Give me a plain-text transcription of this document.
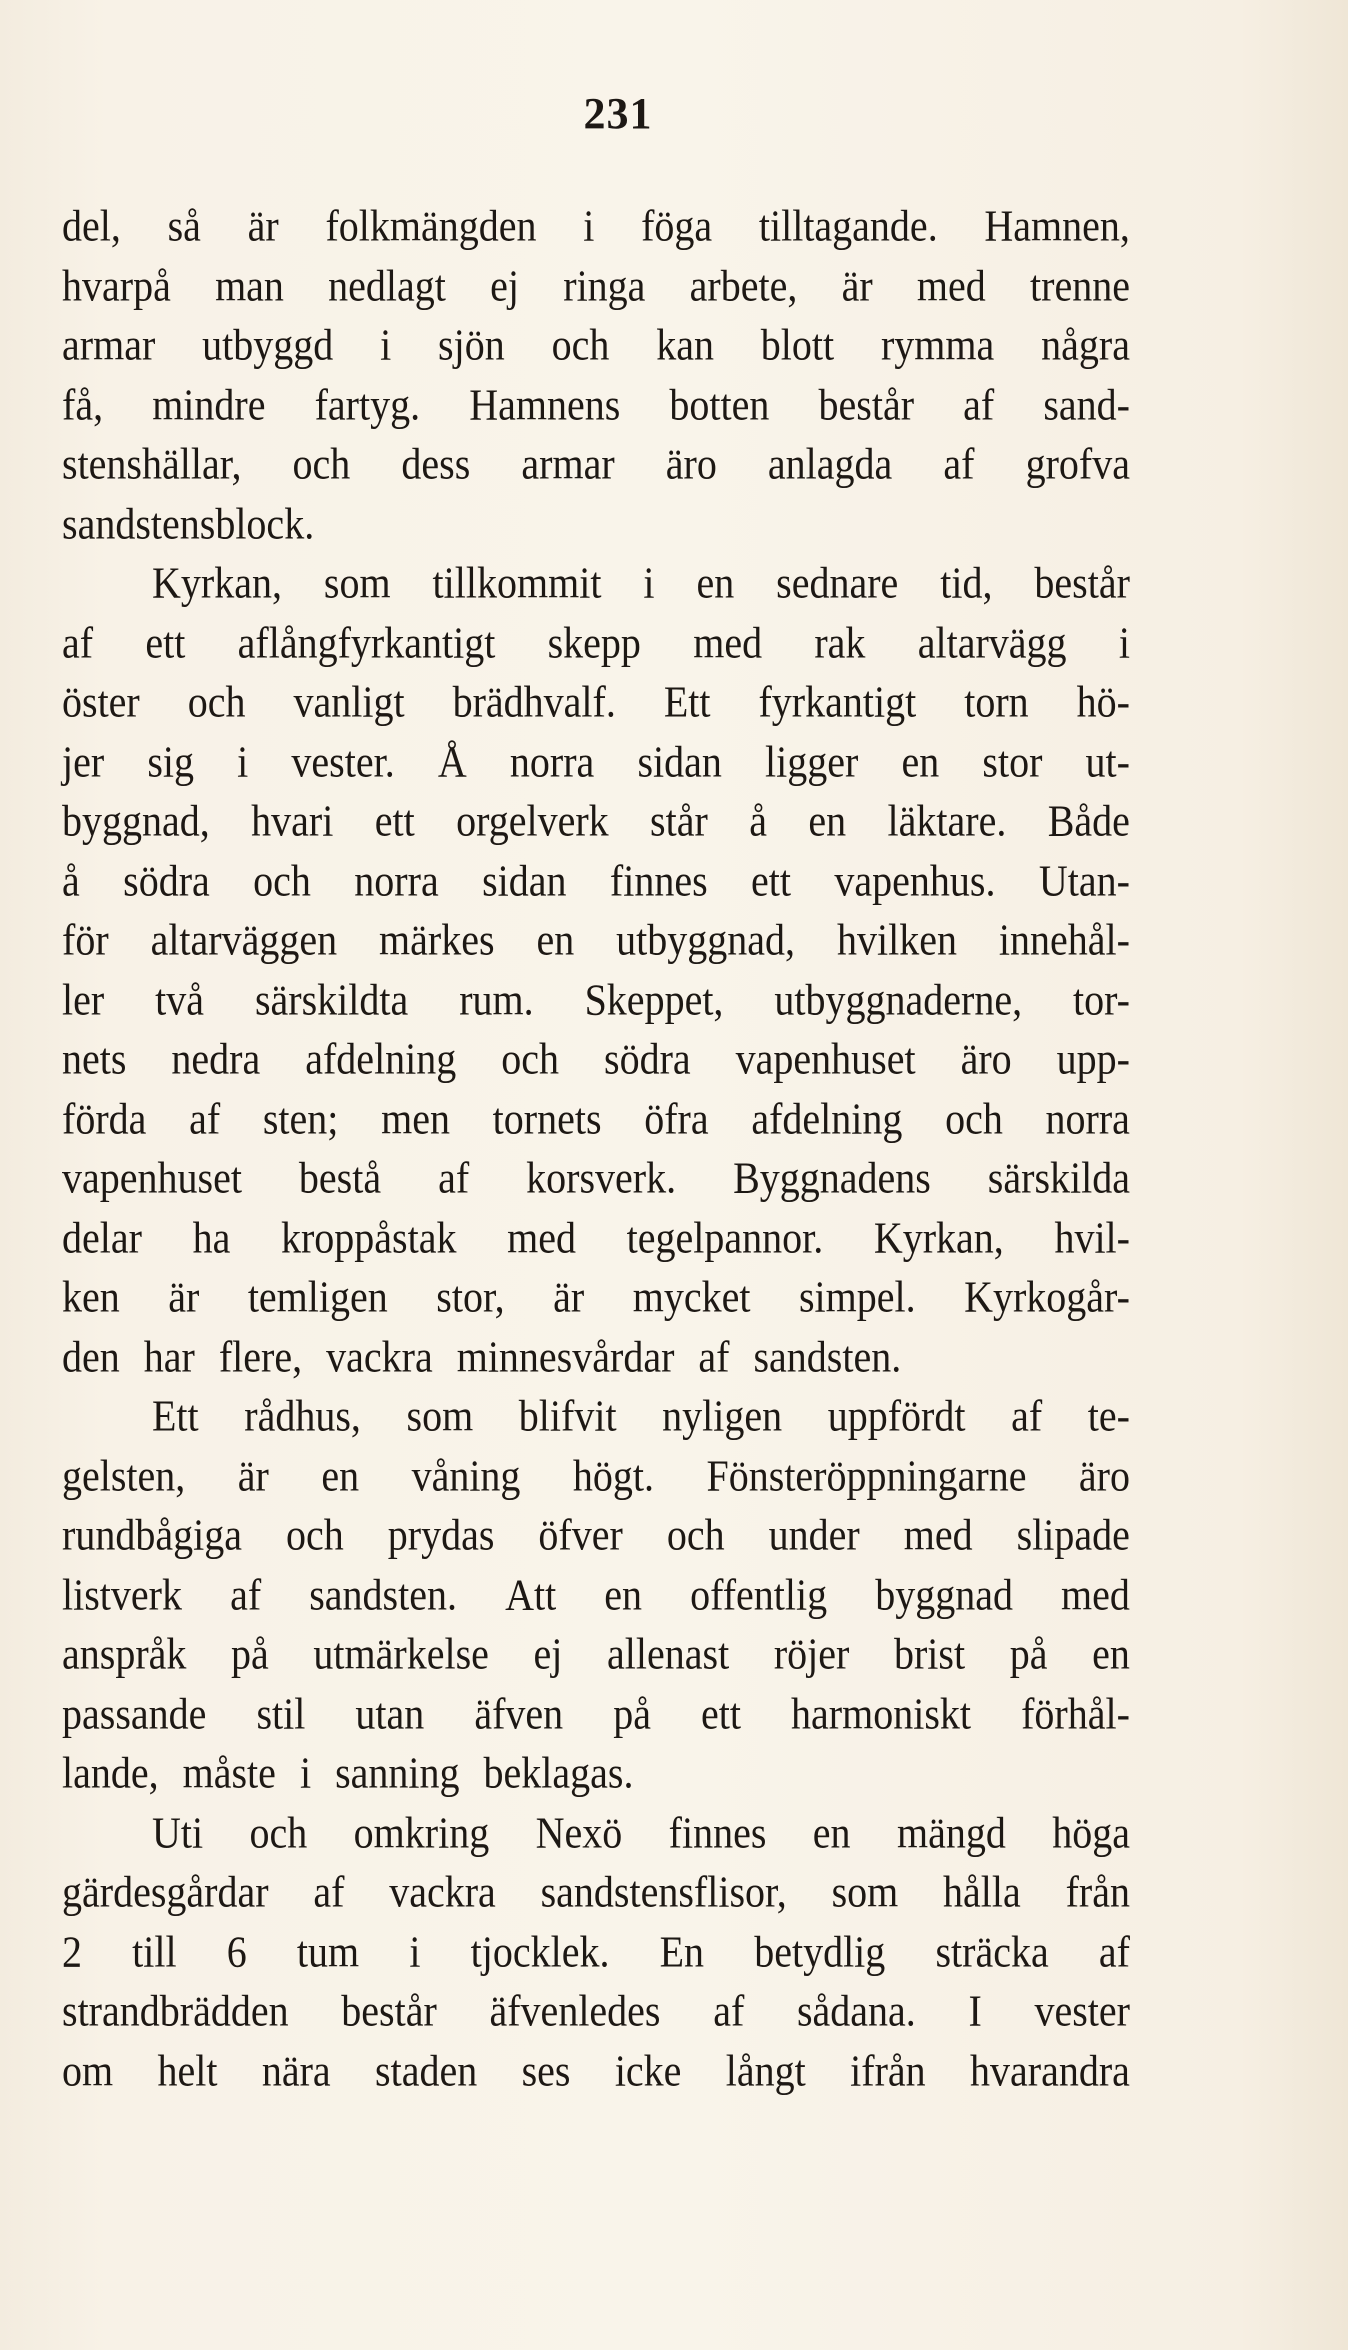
231
del, så är folkmängden i föga tilltagande. Hamnen,
hvarpå man nedlagt ej ringa arbete, är med trenne
armar utbyggd i sjön och kan blott rymma några
få, mindre fartyg. Hamnens botten består af sand-
stenshällar, och dess armar äro anlagda af grofva
sandstensblock.
Kyrkan, som tillkommit i en sednare tid, består
af ett aflångfyrkantigt skepp med rak altarvägg i
öster och vanligt brädhvalf. Ett fyrkantigt torn hö-
jer sig i vester. Å norra sidan ligger en stor ut-
byggnad, hvari ett orgelverk står å en läktare. Både
å södra och norra sidan finnes ett vapenhus. Utan-
för altarväggen märkes en utbyggnad, hvilken innehål-
ler två särskildta rum. Skeppet, utbyggnaderne, tor-
nets nedra afdelning och södra vapenhuset äro upp-
förda af sten; men tornets öfra afdelning och norra
vapenhuset bestå af korsverk. Byggnadens särskilda
delar ha kroppåstak med tegelpannor. Kyrkan, hvil-
ken är temligen stor, är mycket simpel. Kyrkogår-
den har flere, vackra minnesvårdar af sandsten.
Ett rådhus, som blifvit nyligen uppfördt af te-
gelsten, är en våning högt. Fönsteröppningarne äro
rundbågiga och prydas öfver och under med slipade
listverk af sandsten. Att en offentlig byggnad med
anspråk på utmärkelse ej allenast röjer brist på en
passande stil utan äfven på ett harmoniskt förhål-
lande, måste i sanning beklagas.
Uti och omkring Nexö finnes en mängd höga
gärdesgårdar af vackra sandstensflisor, som hålla från
2 till 6 tum i tjocklek. En betydlig sträcka af
strandbrädden består äfvenledes af sådana. I vester
om helt nära staden ses icke långt ifrån hvarandra
